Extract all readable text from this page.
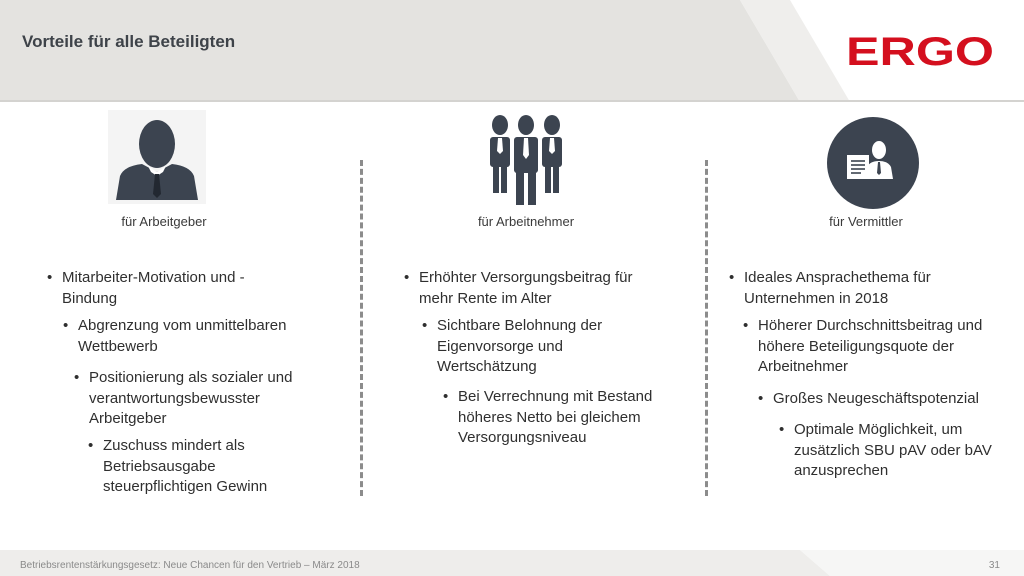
Vorteile für alle Beteiligten	ERGO
für Arbeitgeber	für Arbeitnehmer	für Vermittler
• Mitarbeiter-Motivation und -Bindung
• Abgrenzung vom unmittelbaren Wettbewerb
• Positionierung als sozialer und verantwortungsbewusster Arbeitgeber
• Zuschuss mindert als Betriebsausgabe steuerpflichtigen Gewinn
• Erhöhter Versorgungsbeitrag für mehr Rente im Alter
• Sichtbare Belohnung der Eigenvorsorge und Wertschätzung
• Bei Verrechnung mit Bestand höheres Netto bei gleichem Versorgungsniveau
• Ideales Ansprachethema für Unternehmen in 2018
• Höherer Durchschnittsbeitrag und höhere Beteiligungsquote der Arbeitnehmer
• Großes Neugeschäftspotenzial
• Optimale Möglichkeit, um zusätzlich SBU pAV oder bAV anzusprechen
Betriebsrentenstärkungsgesetz: Neue Chancen für den Vertrieb – März 2018	31
